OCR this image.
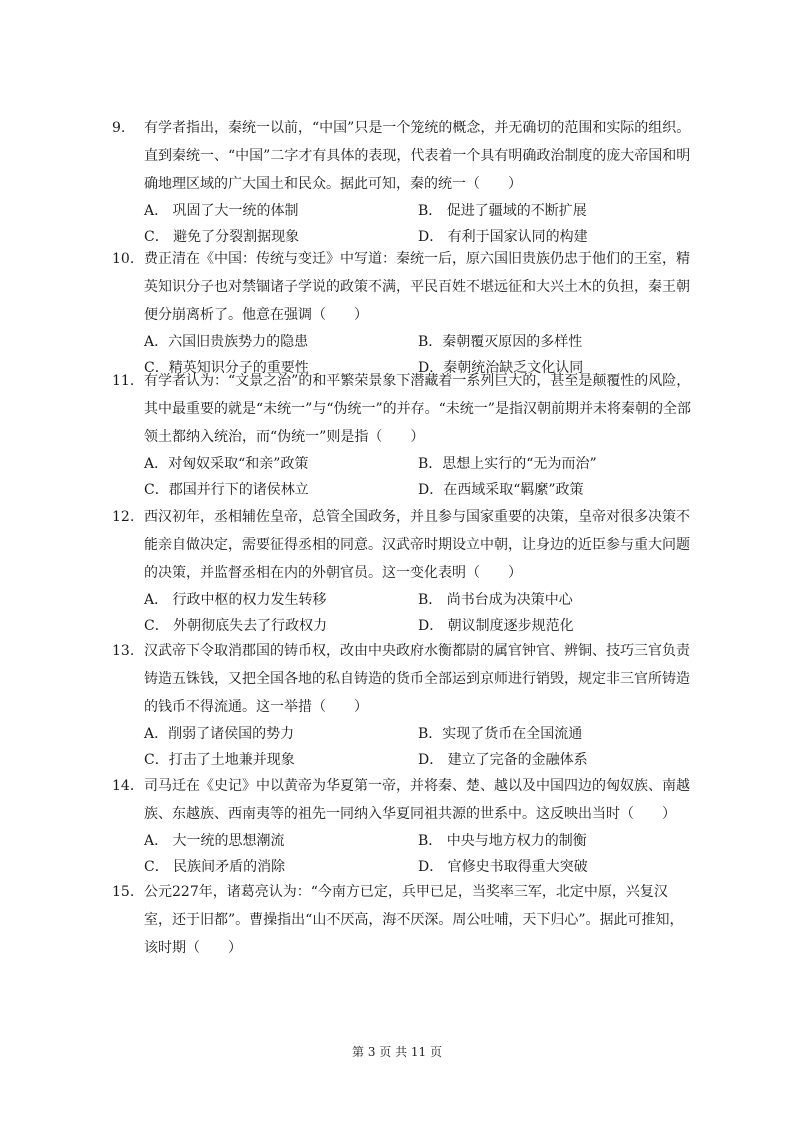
9. 有学者指出，秦统一以前，“中国”只是一个笼统的概念，并无确切的范围和实际的组织。直到秦统一、“中国”二字才有具体的表现，代表着一个具有明确政治制度的庞大帝国和明确地理区域的广大国土和民众。据此可知，秦的统一（　　）
A． 巩固了大一统的体制	B． 促进了疆域的不断扩展
C． 避免了分裂割据现象	D． 有利于国家认同的构建
10. 费正清在《中国：传统与变迁》中写道：秦统一后，原六国旧贵族仍忠于他们的王室，精英知识分子也对禁锢诸子学说的政策不满，平民百姓不堪远征和大兴土木的负担，秦王朝便分崩离析了。他意在强调（　　）
A．六国旧贵族势力的隐患	B．秦朝覆灭原因的多样性
C．精英知识分子的重要性	D．秦朝统治缺乏文化认同
11. 有学者认为：“文景之治”的和平繁荣景象下潜藏着一系列巨大的，甚至是颠覆性的风险，其中最重要的就是“未统一”与“伪统一”的并存。“未统一”是指汉朝前期并未将秦朝的全部领土都纳入统治，而“伪统一”则是指（　　）
A．对匈奴采取“和亲”政策	B．思想上实行的“无为而治”
C．郡国并行下的诸侯林立	D．在西域采取“羁縻”政策
12. 西汉初年，丞相辅佐皇帝，总管全国政务，并且参与国家重要的决策，皇帝对很多决策不能亲自做决定，需要征得丞相的同意。汉武帝时期设立中朝，让身边的近臣参与重大问题的决策，并监督丞相在内的外朝官员。这一变化表明（　　）
A． 行政中枢的权力发生转移	B． 尚书台成为决策中心
C． 外朝彻底失去了行政权力	D． 朝议制度逐步规范化
13. 汉武帝下令取消郡国的铸币权，改由中央政府水衡都尉的属官钟官、辨铜、技巧三官负责铸造五铢钱，又把全国各地的私自铸造的货币全部运到京师进行销毁，规定非三官所铸造的钱币不得流通。这一举措（　　）
A．削弱了诸侯国的势力	B．实现了货币在全国流通
C．打击了土地兼并现象	D． 建立了完备的金融体系
14. 司马迁在《史记》中以黄帝为华夏第一帝，并将秦、楚、越以及中国四边的匈奴族、南越族、东越族、西南夷等的祖先一同纳入华夏同祖共源的世系中。这反映出当时（　　）
A． 大一统的思想潮流	B． 中央与地方权力的制衡
C． 民族间矛盾的消除	D． 官修史书取得重大突破
15. 公元227年，诸葛亮认为：“今南方已定，兵甲已足，当奖率三军，北定中原，兴复汉室，还于旧都”。曹操指出“山不厌高，海不厌深。周公吐哺，天下归心”。据此可推知，该时期（　　）
第 3 页 共 11 页
